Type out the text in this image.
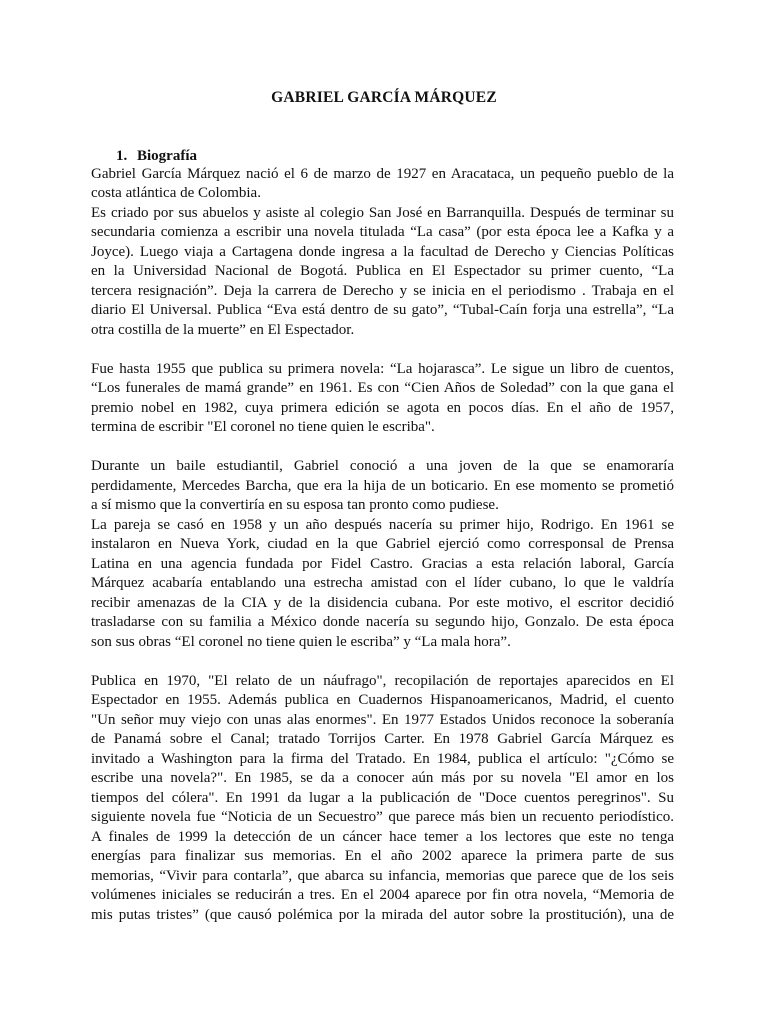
GABRIEL GARCÍA MÁRQUEZ
1. Biografía
Gabriel García Márquez nació el 6 de marzo de 1927 en Aracataca, un pequeño pueblo de la
costa atlántica de Colombia.
Es criado por sus abuelos y asiste al colegio San José en Barranquilla. Después de terminar su
secundaria comienza a escribir una novela titulada “La casa” (por esta época lee a Kafka y a
Joyce). Luego viaja a Cartagena donde ingresa a la facultad de Derecho y Ciencias Políticas
en la Universidad Nacional de Bogotá. Publica en El Espectador su primer cuento, “La
tercera resignación”. Deja la carrera de Derecho y se inicia en el periodismo . Trabaja en el
diario El Universal. Publica “Eva está dentro de su gato”, “Tubal-Caín forja una estrella”, “La
otra costilla de la muerte” en El Espectador.
Fue hasta 1955 que publica su primera novela: “La hojarasca”. Le sigue un libro de cuentos,
“Los funerales de mamá grande” en 1961. Es con “Cien Años de Soledad” con la que gana el
premio nobel en 1982, cuya primera edición se agota en pocos días. En el año de 1957,
termina de escribir "El coronel no tiene quien le escriba".
Durante un baile estudiantil, Gabriel conoció a una joven de la que se enamoraría
perdidamente, Mercedes Barcha, que era la hija de un boticario. En ese momento se prometió
a sí mismo que la convertiría en su esposa tan pronto como pudiese.
La pareja se casó en 1958 y un año después nacería su primer hijo, Rodrigo. En 1961 se
instalaron en Nueva York, ciudad en la que Gabriel ejerció como corresponsal de Prensa
Latina en una agencia fundada por Fidel Castro. Gracias a esta relación laboral, García
Márquez acabaría entablando una estrecha amistad con el líder cubano, lo que le valdría
recibir amenazas de la CIA y de la disidencia cubana. Por este motivo, el escritor decidió
trasladarse con su familia a México donde nacería su segundo hijo, Gonzalo. De esta época
son sus obras “El coronel no tiene quien le escriba” y “La mala hora”.
Publica en 1970, "El relato de un náufrago", recopilación de reportajes aparecidos en El
Espectador en 1955. Además publica en Cuadernos Hispanoamericanos, Madrid, el cuento
"Un señor muy viejo con unas alas enormes". En 1977 Estados Unidos reconoce la soberanía
de Panamá sobre el Canal; tratado Torrijos Carter. En 1978 Gabriel García Márquez es
invitado a Washington para la firma del Tratado. En 1984, publica el artículo: "¿Cómo se
escribe una novela?". En 1985, se da a conocer aún más por su novela "El amor en los
tiempos del cólera". En 1991 da lugar a la publicación de "Doce cuentos peregrinos". Su
siguiente novela fue “Noticia de un Secuestro” que parece más bien un recuento periodístico.
A finales de 1999 la detección de un cáncer hace temer a los lectores que este no tenga
energías para finalizar sus memorias. En el año 2002 aparece la primera parte de sus
memorias, “Vivir para contarla”, que abarca su infancia, memorias que parece que de los seis
volúmenes iniciales se reducirán a tres. En el 2004 aparece por fin otra novela, “Memoria de
mis putas tristes” (que causó polémica por la mirada del autor sobre la prostitución), una de
